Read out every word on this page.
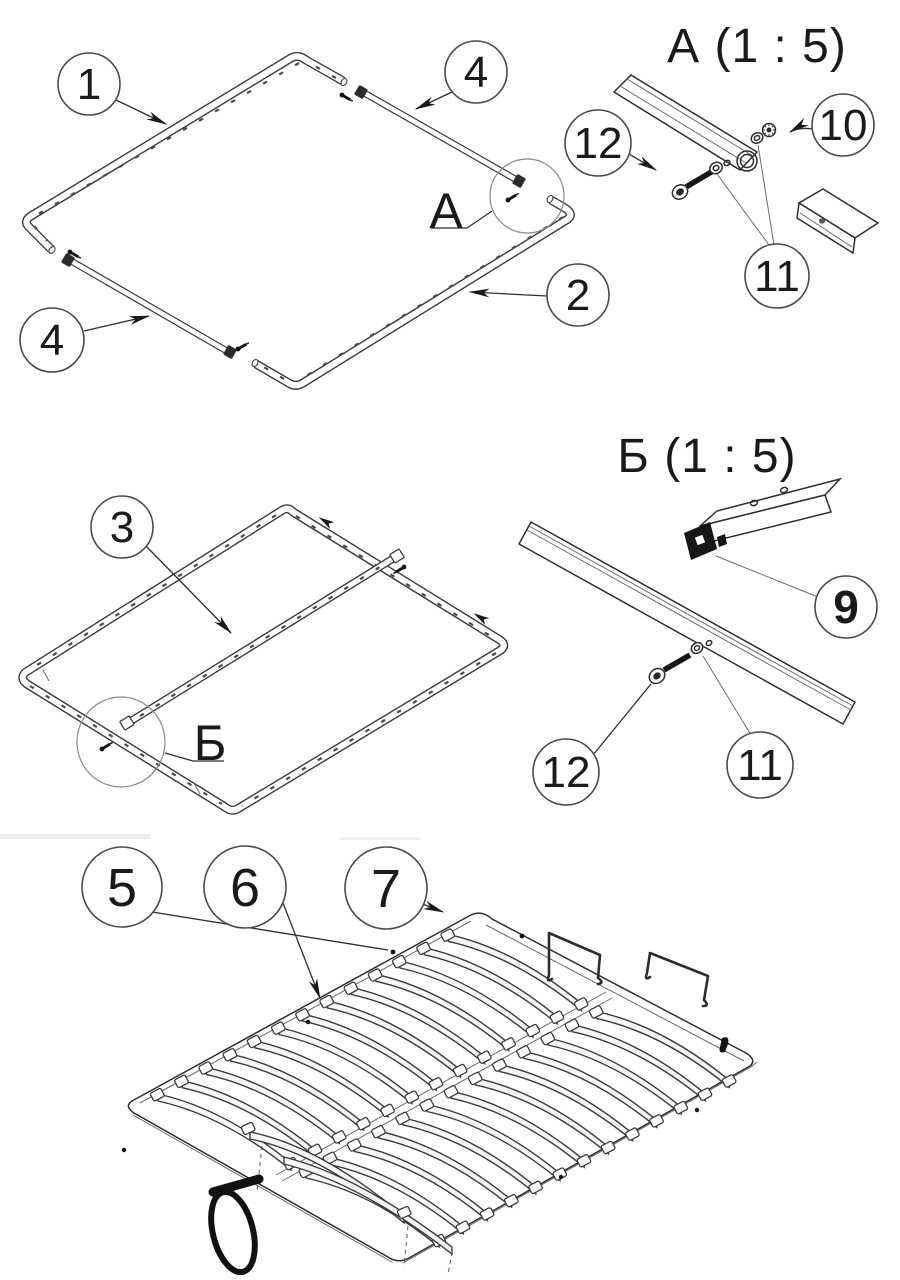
А
1	4
2
4
А (1 : 5)
12	10
11
Б
3
Б (1 : 5)
9
12	11
5 6 7
